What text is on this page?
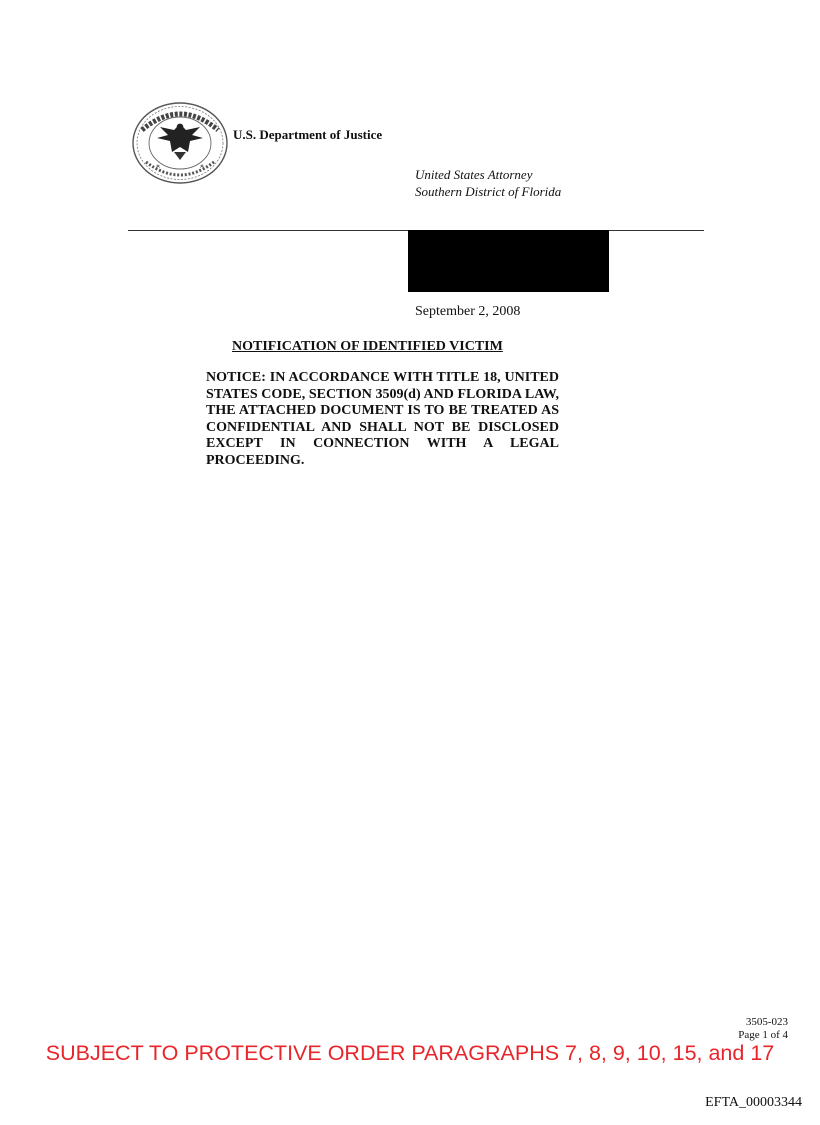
U.S. Department of Justice
United States Attorney
Southern District of Florida
September 2, 2008
NOTIFICATION OF IDENTIFIED VICTIM
NOTICE: IN ACCORDANCE WITH TITLE 18, UNITED STATES CODE, SECTION 3509(d) AND FLORIDA LAW, THE ATTACHED DOCUMENT IS TO BE TREATED AS CONFIDENTIAL AND SHALL NOT BE DISCLOSED EXCEPT IN CONNECTION WITH A LEGAL PROCEEDING.
3505-023
Page 1 of 4
SUBJECT TO PROTECTIVE ORDER PARAGRAPHS 7, 8, 9, 10, 15, and 17
EFTA_00003344
